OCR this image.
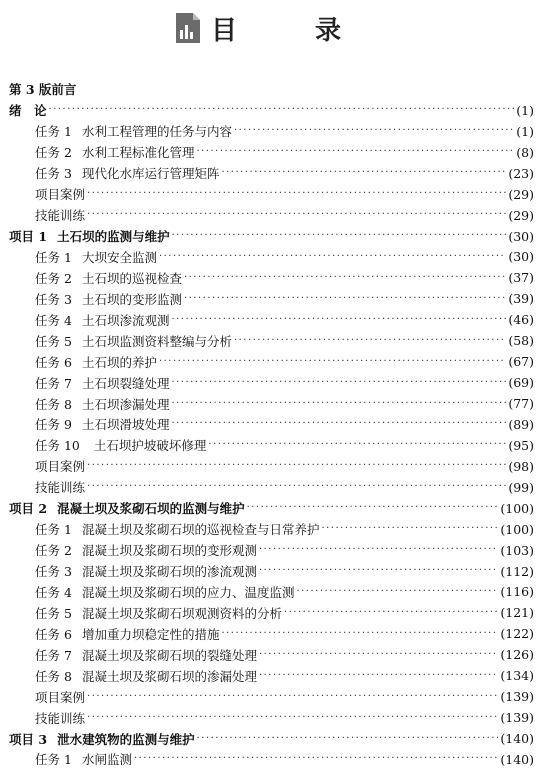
目　录
第 3 版前言
绪　论 ·····	(1)
任务 1 水利工程管理的任务与内容 ·····	(1)
任务 2 水利工程标准化管理 ·····	(8)
任务 3 现代化水库运行管理矩阵 ·····	(23)
项目案例 ·····	(29)
技能训练 ·····	(29)
项目 1 土石坝的监测与维护 ·····	(30)
任务 1 大坝安全监测 ·····	(30)
任务 2 土石坝的巡视检查 ·····	(37)
任务 3 土石坝的变形监测 ·····	(39)
任务 4 土石坝渗流观测 ·····	(46)
任务 5 土石坝监测资料整编与分析 ·····	(58)
任务 6 土石坝的养护 ·····	(67)
任务 7 土石坝裂缝处理 ·····	(69)
任务 8 土石坝渗漏处理 ·····	(77)
任务 9 土石坝滑坡处理 ·····	(89)
任务 10 土石坝护坡破坏修理 ·····	(95)
项目案例 ·····	(98)
技能训练 ·····	(99)
项目 2 混凝土坝及浆砌石坝的监测与维护 ·····	(100)
任务 1 混凝土坝及浆砌石坝的巡视检查与日常养护 ·····	(100)
任务 2 混凝土坝及浆砌石坝的变形观测 ·····	(103)
任务 3 混凝土坝及浆砌石坝的渗流观测 ·····	(112)
任务 4 混凝土坝及浆砌石坝的应力、温度监测 ·····	(116)
任务 5 混凝土坝及浆砌石坝观测资料的分析 ·····	(121)
任务 6 增加重力坝稳定性的措施 ·····	(122)
任务 7 混凝土坝及浆砌石坝的裂缝处理 ·····	(126)
任务 8 混凝土坝及浆砌石坝的渗漏处理 ·····	(134)
项目案例 ·····	(139)
技能训练 ·····	(139)
项目 3 泄水建筑物的监测与维护 ·····	(140)
任务 1 水闸监测 ·····	(140)
